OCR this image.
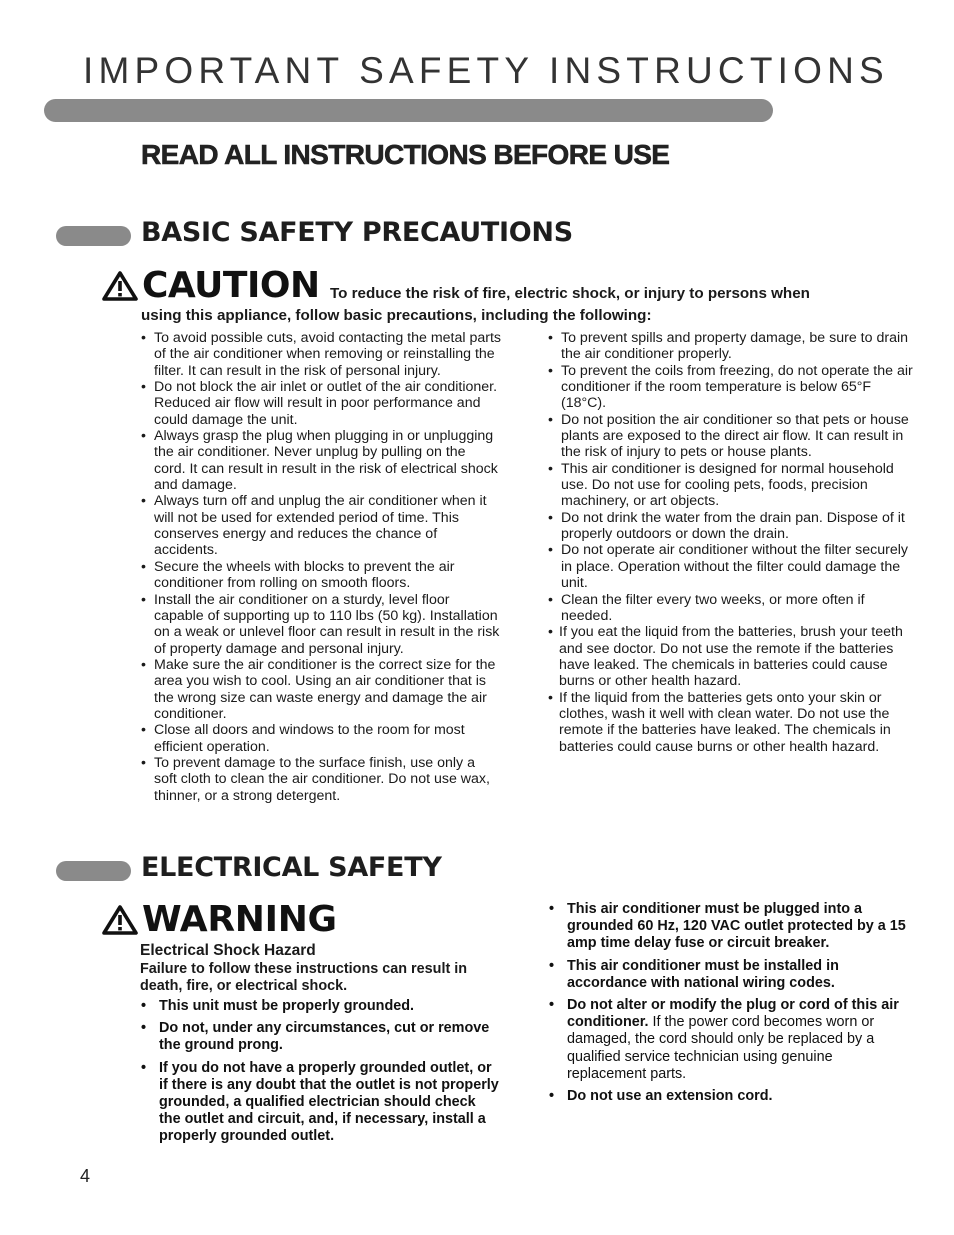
IMPORTANT SAFETY INSTRUCTIONS
READ ALL INSTRUCTIONS BEFORE USE
BASIC SAFETY PRECAUTIONS
CAUTION To reduce the risk of fire, electric shock, or injury to persons when
using this appliance, follow basic precautions, including the following:
• To avoid possible cuts, avoid contacting the metal parts of the air conditioner when removing or reinstalling the filter. It can result in the risk of personal injury.
• Do not block the air inlet or outlet of the air conditioner. Reduced air flow will result in poor performance and could damage the unit.
• Always grasp the plug when plugging in or unplugging the air conditioner. Never unplug by pulling on the cord. It can result in result in the risk of electrical shock and damage.
• Always turn off and unplug the air conditioner when it will not be used for extended period of time. This conserves energy and reduces the chance of accidents.
• Secure the wheels with blocks to prevent the air conditioner from rolling on smooth floors.
• Install the air conditioner on a sturdy, level floor capable of supporting up to 110 lbs (50 kg). Installation on a weak or unlevel floor can result in result in the risk of property damage and personal injury.
• Make sure the air conditioner is the correct size for the area you wish to cool. Using an air conditioner that is the wrong size can waste energy and damage the air conditioner.
• Close all doors and windows to the room for most efficient operation.
• To prevent damage to the surface finish, use only a soft cloth to clean the air conditioner. Do not use wax, thinner, or a strong detergent.
• To prevent spills and property damage, be sure to drain the air conditioner properly.
• To prevent the coils from freezing, do not operate the air conditioner if the room temperature is below 65°F (18°C).
• Do not position the air conditioner so that pets or house plants are exposed to the direct air flow. It can result in the risk of injury to pets or house plants.
• This air conditioner is designed for normal household use. Do not use for cooling pets, foods, precision machinery, or art objects.
• Do not drink the water from the drain pan. Dispose of it properly outdoors or down the drain.
• Do not operate air conditioner without the filter securely in place. Operation without the filter could damage the unit.
• Clean the filter every two weeks, or more often if needed.
• If you eat the liquid from the batteries, brush your teeth and see doctor. Do not use the remote if the batteries have leaked. The chemicals in batteries could cause burns or other health hazard.
• If the liquid from the batteries gets onto your skin or clothes, wash it well with clean water. Do not use the remote if the batteries have leaked. The chemicals in batteries could cause burns or other health hazard.
ELECTRICAL SAFETY
WARNING
Electrical Shock Hazard
Failure to follow these instructions can result in death, fire, or electrical shock.
• This unit must be properly grounded.
• Do not, under any circumstances, cut or remove the ground prong.
• If you do not have a properly grounded outlet, or if there is any doubt that the outlet is not properly grounded, a qualified electrician should check the outlet and circuit, and, if necessary, install a properly grounded outlet.
• This air conditioner must be plugged into a grounded 60 Hz, 120 VAC outlet protected by a 15 amp time delay fuse or circuit breaker.
• This air conditioner must be installed in accordance with national wiring codes.
• Do not alter or modify the plug or cord of this air conditioner. If the power cord becomes worn or damaged, the cord should only be replaced by a qualified service technician using genuine replacement parts.
• Do not use an extension cord.
4
